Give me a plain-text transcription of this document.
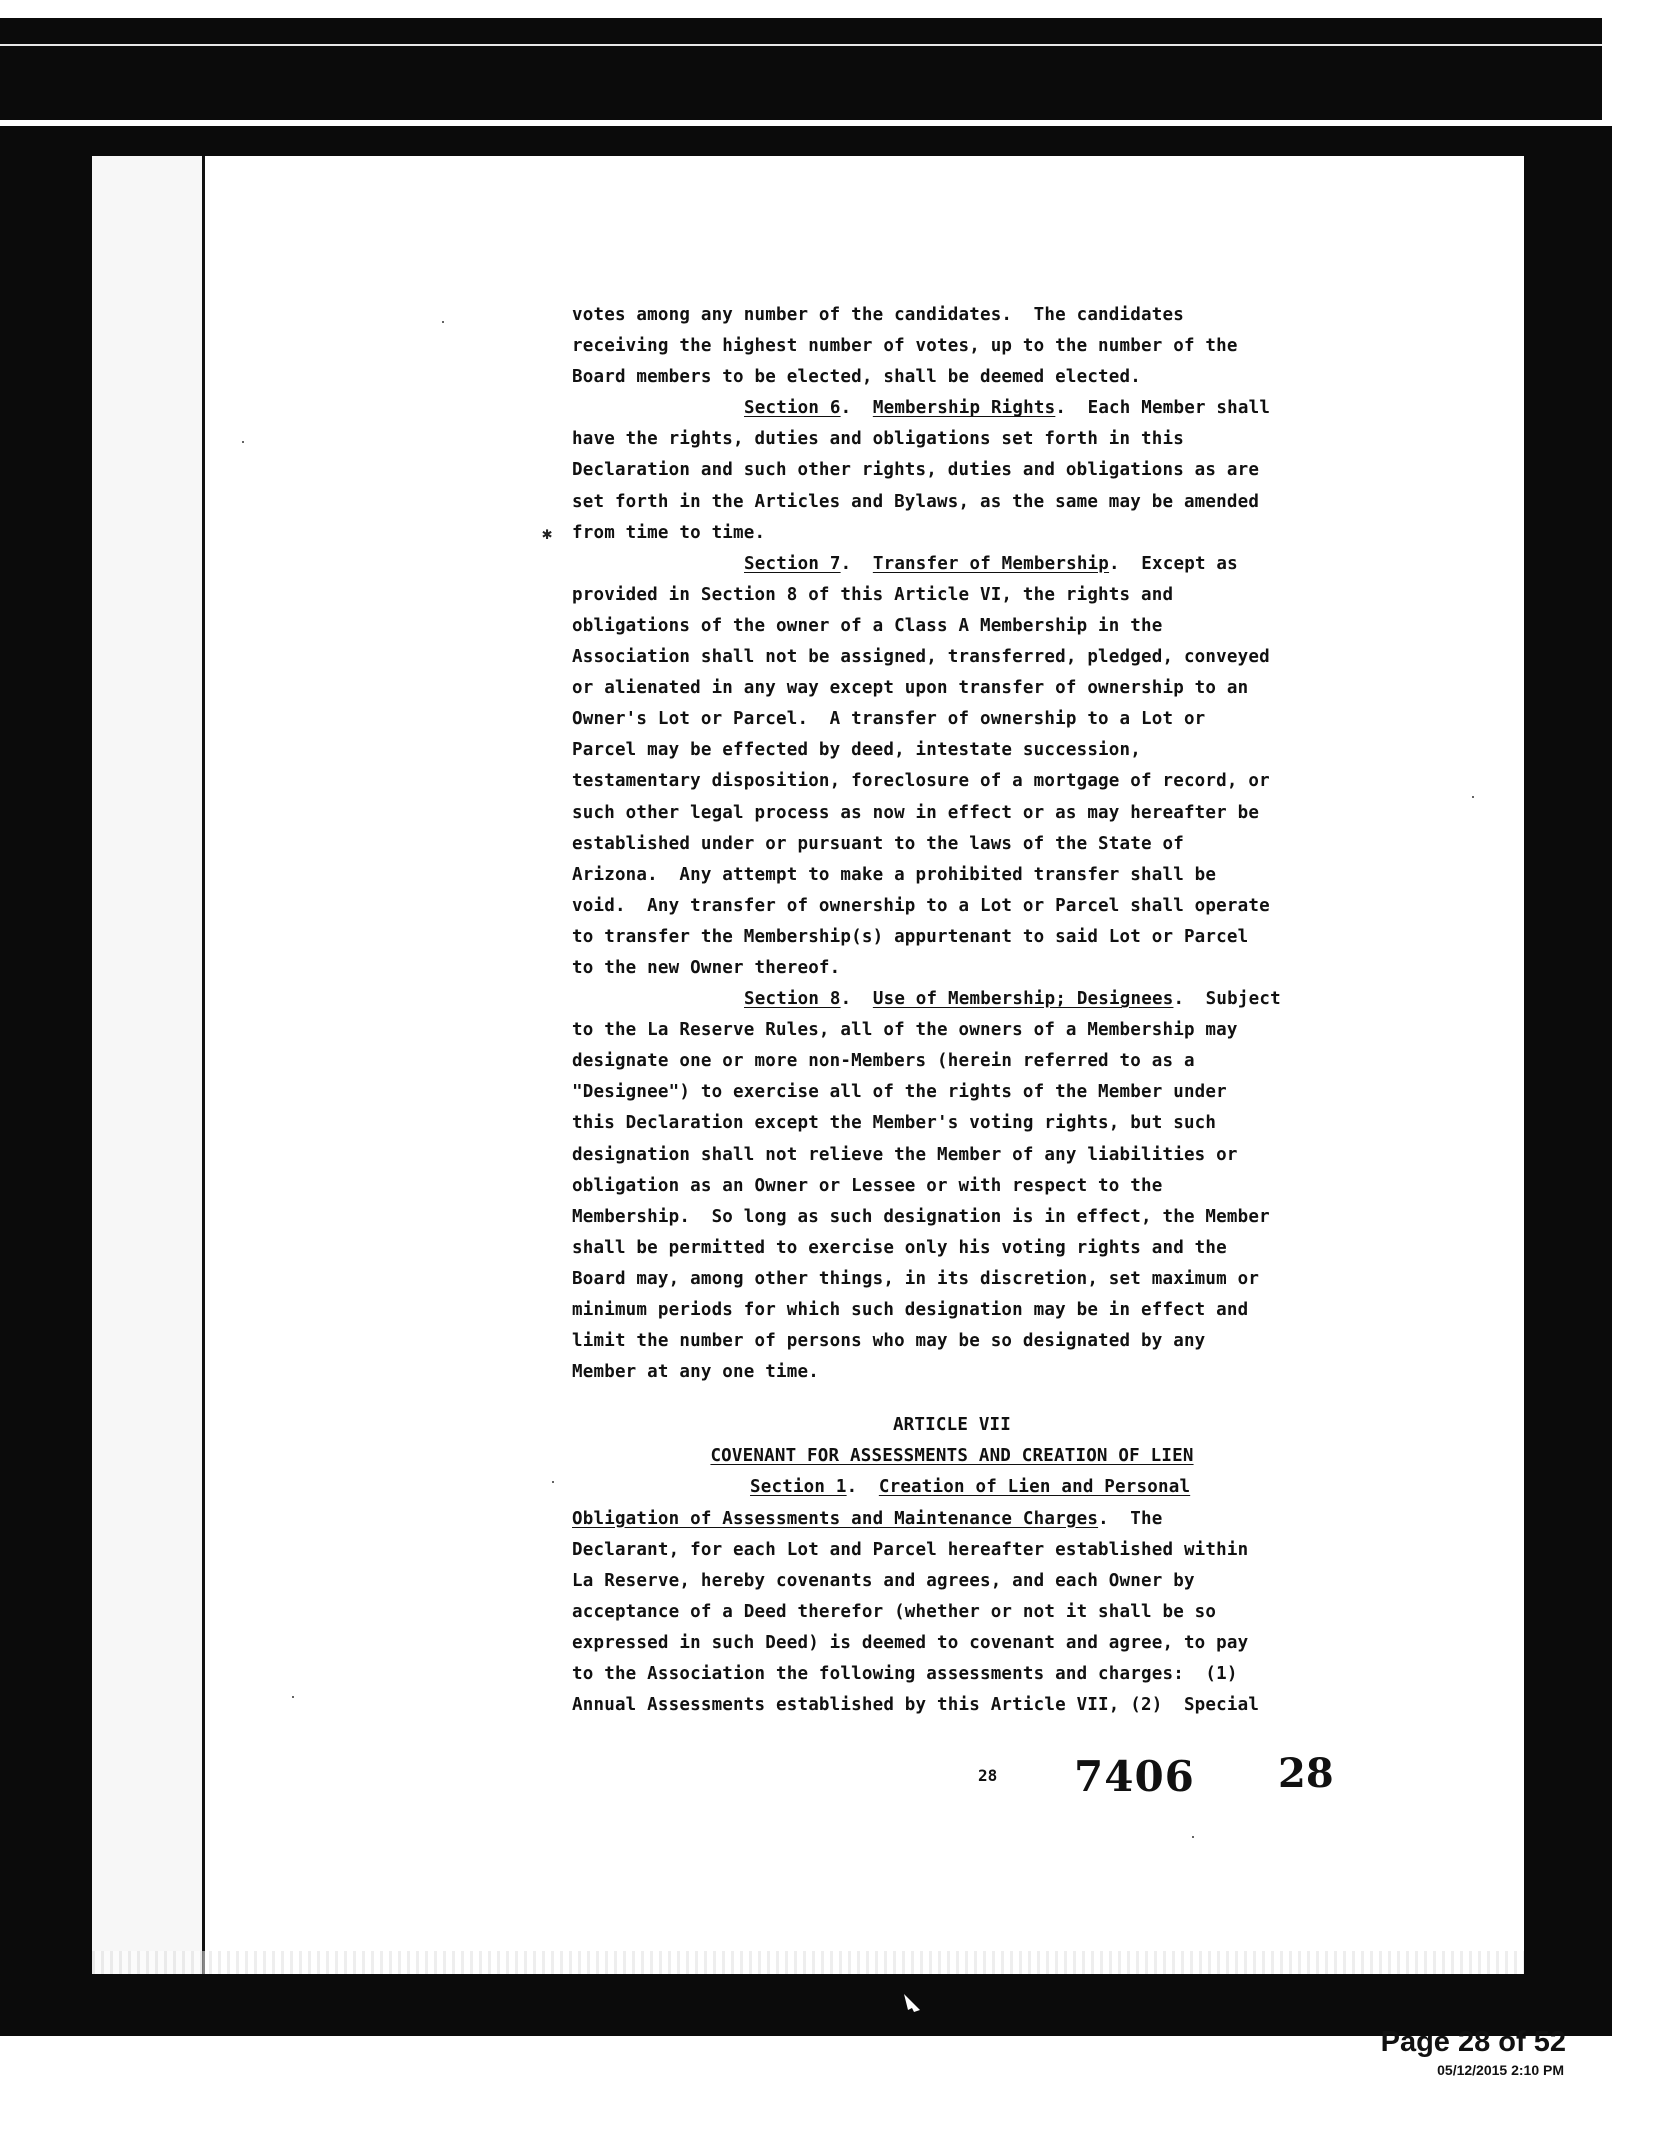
✱
votes among any number of the candidates.  The candidates
receiving the highest number of votes, up to the number of the
Board members to be elected, shall be deemed elected.
Section 6.  Membership Rights.  Each Member shall
have the rights, duties and obligations set forth in this
Declaration and such other rights, duties and obligations as are
set forth in the Articles and Bylaws, as the same may be amended
from time to time.
Section 7.  Transfer of Membership.  Except as
provided in Section 8 of this Article VI, the rights and
obligations of the owner of a Class A Membership in the
Association shall not be assigned, transferred, pledged, conveyed
or alienated in any way except upon transfer of ownership to an
Owner's Lot or Parcel.  A transfer of ownership to a Lot or
Parcel may be effected by deed, intestate succession,
testamentary disposition, foreclosure of a mortgage of record, or
such other legal process as now in effect or as may hereafter be
established under or pursuant to the laws of the State of
Arizona.  Any attempt to make a prohibited transfer shall be
void.  Any transfer of ownership to a Lot or Parcel shall operate
to transfer the Membership(s) appurtenant to said Lot or Parcel
to the new Owner thereof.
Section 8.  Use of Membership; Designees.  Subject
to the La Reserve Rules, all of the owners of a Membership may
designate one or more non-Members (herein referred to as a
"Designee") to exercise all of the rights of the Member under
this Declaration except the Member's voting rights, but such
designation shall not relieve the Member of any liabilities or
obligation as an Owner or Lessee or with respect to the
Membership.  So long as such designation is in effect, the Member
shall be permitted to exercise only his voting rights and the
Board may, among other things, in its discretion, set maximum or
minimum periods for which such designation may be in effect and
limit the number of persons who may be so designated by any
Member at any one time.
ARTICLE VII
COVENANT FOR ASSESSMENTS AND CREATION OF LIEN
Section 1.  Creation of Lien and Personal
Obligation of Assessments and Maintenance Charges.  The
Declarant, for each Lot and Parcel hereafter established within
La Reserve, hereby covenants and agrees, and each Owner by
acceptance of a Deed therefor (whether or not it shall be so
expressed in such Deed) is deemed to covenant and agree, to pay
to the Association the following assessments and charges:  (1)
Annual Assessments established by this Article VII, (2)  Special
28 7406 28
Page 28 of 52
05/12/2015 2:10 PM
